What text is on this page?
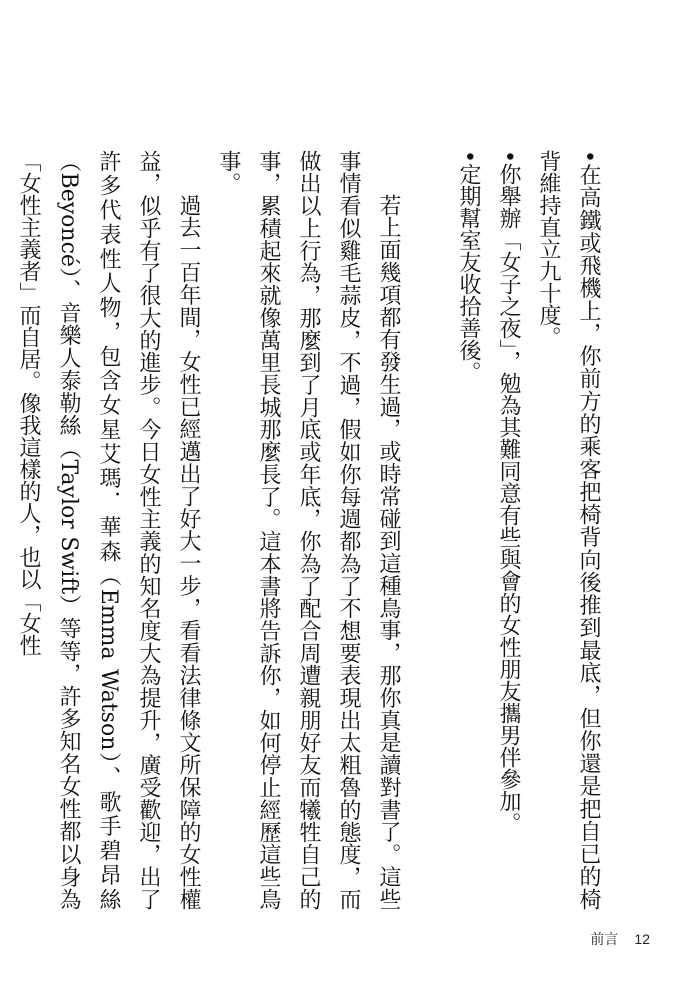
•在高鐵或飛機上，你前方的乘客把椅背向後推到最底，但你還是把自已的椅背維持直立九十度。

•你舉辦「女子之夜」，勉為其難同意有些與會的女性朋友攜男伴參加。

•定期幫室友收拾善後。

若上面幾項都有發生過，或時常碰到這種鳥事，那你真是讀對書了。這些事情看似雞毛蒜皮，不過，假如你每週都為了不想要表現出太粗魯的態度，而做出以上行為，那麼到了月底或年底，你為了配合周遭親朋好友而犧牲自己的事，累積起來就像萬里長城那麼長了。這本書將告訴你，如何停止經歷這些鳥事。

過去一百年間，女性已經邁出了好大一步，看看法律條文所保障的女性權益，似乎有了很大的進步。今日女性主義的知名度大為提升，廣受歡迎，出了許多代表性人物，包含女星艾瑪．華森（Emma Watson）、歌手碧昂絲（Beyoncé）、音樂人泰勒絲（Taylor Swift）等等，許多知名女性都以身為「女性主義者」而自居。像我這樣的人，也以「女性

前言 12
